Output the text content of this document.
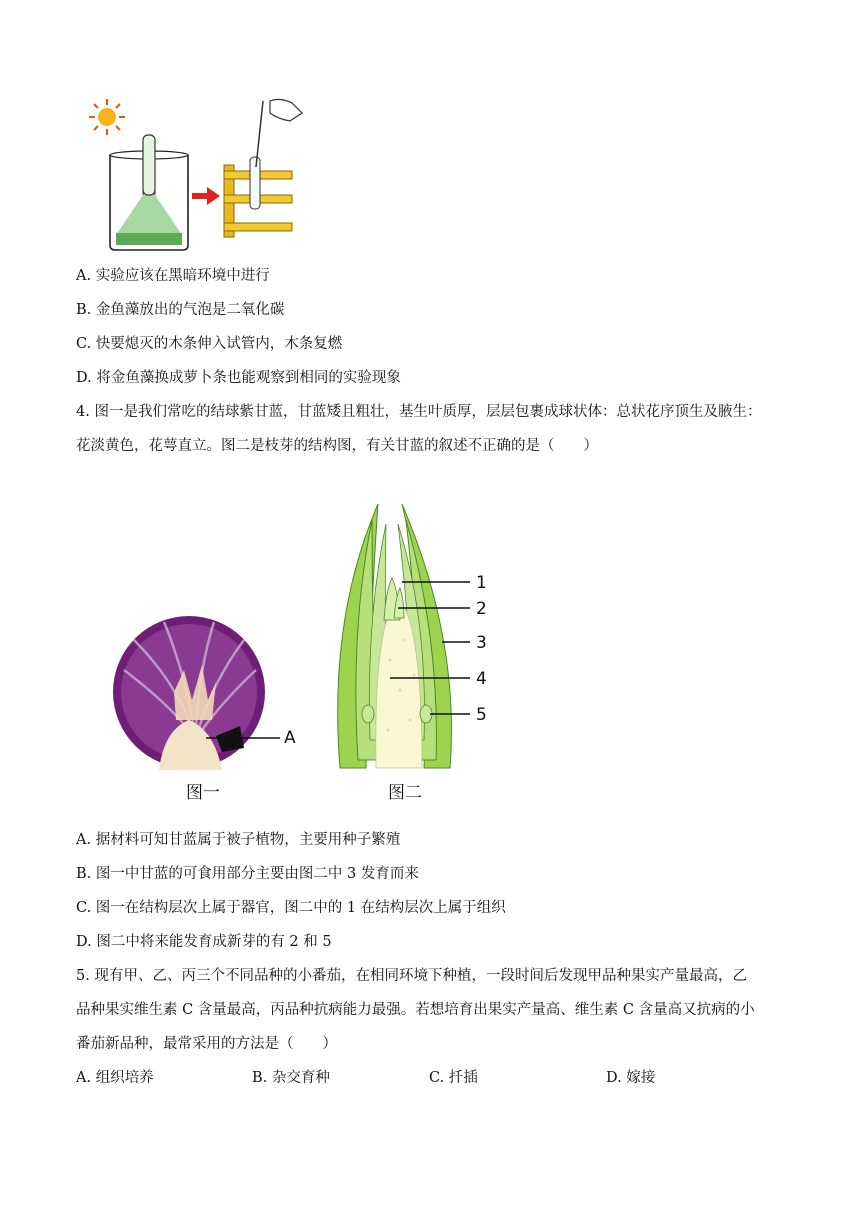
A. 实验应该在黑暗环境中进行
B. 金鱼藻放出的气泡是二氧化碳
C. 快要熄灭的木条伸入试管内，木条复燃
D. 将金鱼藻换成萝卜条也能观察到相同的实验现象
4. 图一是我们常吃的结球紫甘蓝，甘蓝矮且粗壮，基生叶质厚，层层包裹成球状体：总状花序顶生及腋生：
花淡黄色，花萼直立。图二是枝芽的结构图，有关甘蓝的叙述不正确的是（　　）
A
图一
1
2
3
4
5
图二
A. 据材料可知甘蓝属于被子植物，主要用种子繁殖
B. 图一中甘蓝的可食用部分主要由图二中 3 发育而来
C. 图一在结构层次上属于器官，图二中的 1 在结构层次上属于组织
D. 图二中将来能发育成新芽的有 2 和 5
5. 现有甲、乙、丙三个不同品种的小番茄，在相同环境下种植，一段时间后发现甲品种果实产量最高，乙
品种果实维生素 C 含量最高，丙品种抗病能力最强。若想培育出果实产量高、维生素 C 含量高又抗病的小
番茄新品种，最常采用的方法是（　　）
A. 组织培养	B. 杂交育种	C. 扦插	D. 嫁接
